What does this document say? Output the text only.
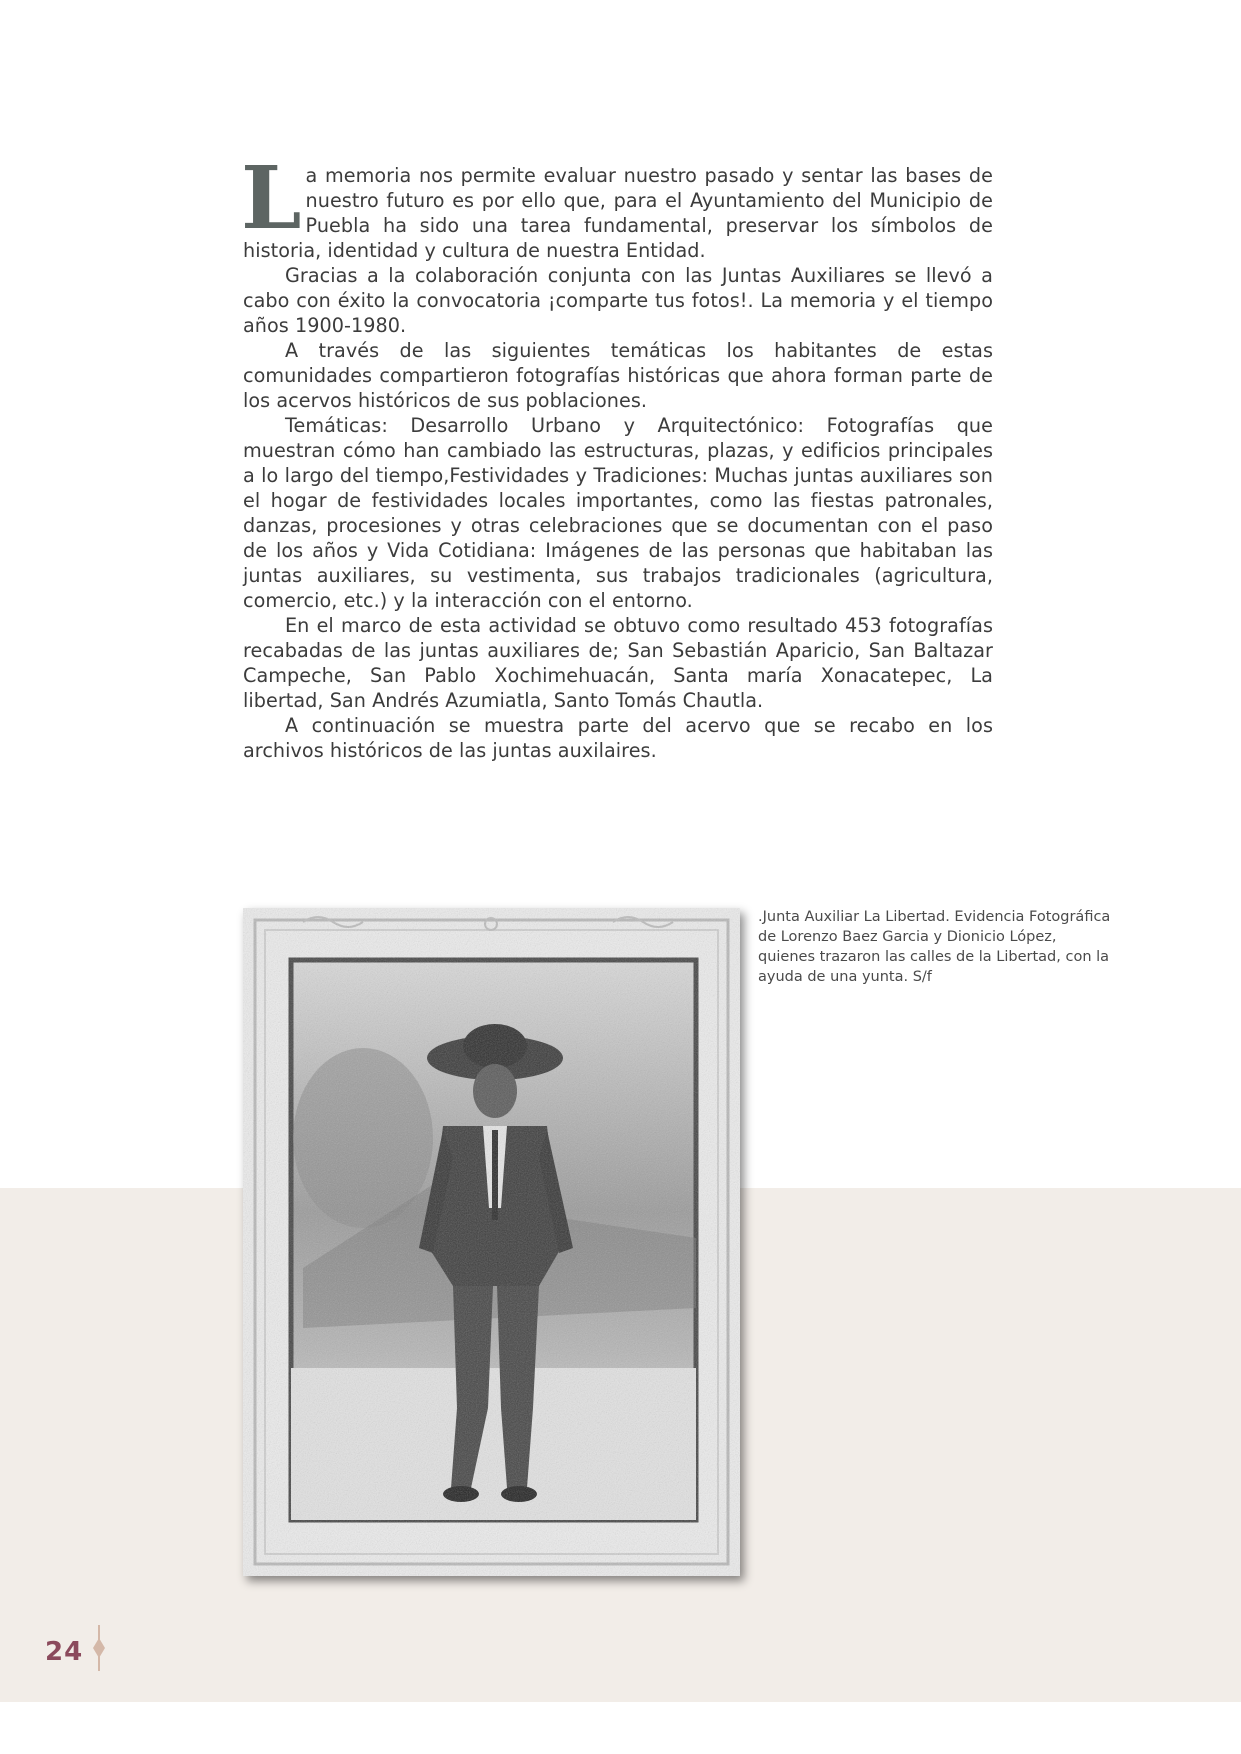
La memoria nos permite evaluar nuestro pasado y sentar las bases de nuestro futuro es por ello que, para el Ayuntamiento del Municipio de Puebla ha sido una tarea fundamental, preservar los símbolos de historia, identidad y cultura de nuestra Entidad.

Gracias a la colaboración conjunta con las Juntas Auxiliares se llevó a cabo con éxito la convocatoria ¡comparte tus fotos!. La memoria y el tiempo años 1900-1980.

A través de las siguientes temáticas los habitantes de estas comunidades compartieron fotografías históricas que ahora forman parte de los acervos históricos de sus poblaciones.

Temáticas: Desarrollo Urbano y Arquitectónico: Fotografías que muestran cómo han cambiado las estructuras, plazas, y edificios principales a lo largo del tiempo,Festividades y Tradiciones: Muchas juntas auxiliares son el hogar de festividades locales importantes, como las fiestas patronales, danzas, procesiones y otras celebraciones que se documentan con el paso de los años y Vida Cotidiana: Imágenes de las personas que habitaban las juntas auxiliares, su vestimenta, sus trabajos tradicionales (agricultura, comercio, etc.) y la interacción con el entorno.

En el marco de esta actividad se obtuvo como resultado 453 fotografías recabadas de las juntas auxiliares de; San Sebastián Aparicio, San Baltazar Campeche, San Pablo Xochimehuacán, Santa maría Xonacatepec, La libertad, San Andrés Azumiatla, Santo Tomás Chautla.

A continuación se muestra parte del acervo que se recabo en los archivos históricos de las juntas auxilaires.

.Junta Auxiliar La Libertad. Evidencia Fotográfica de Lorenzo Baez Garcia y Dionicio López, quienes trazaron las calles de la Libertad, con la ayuda de una yunta. S/f
24
